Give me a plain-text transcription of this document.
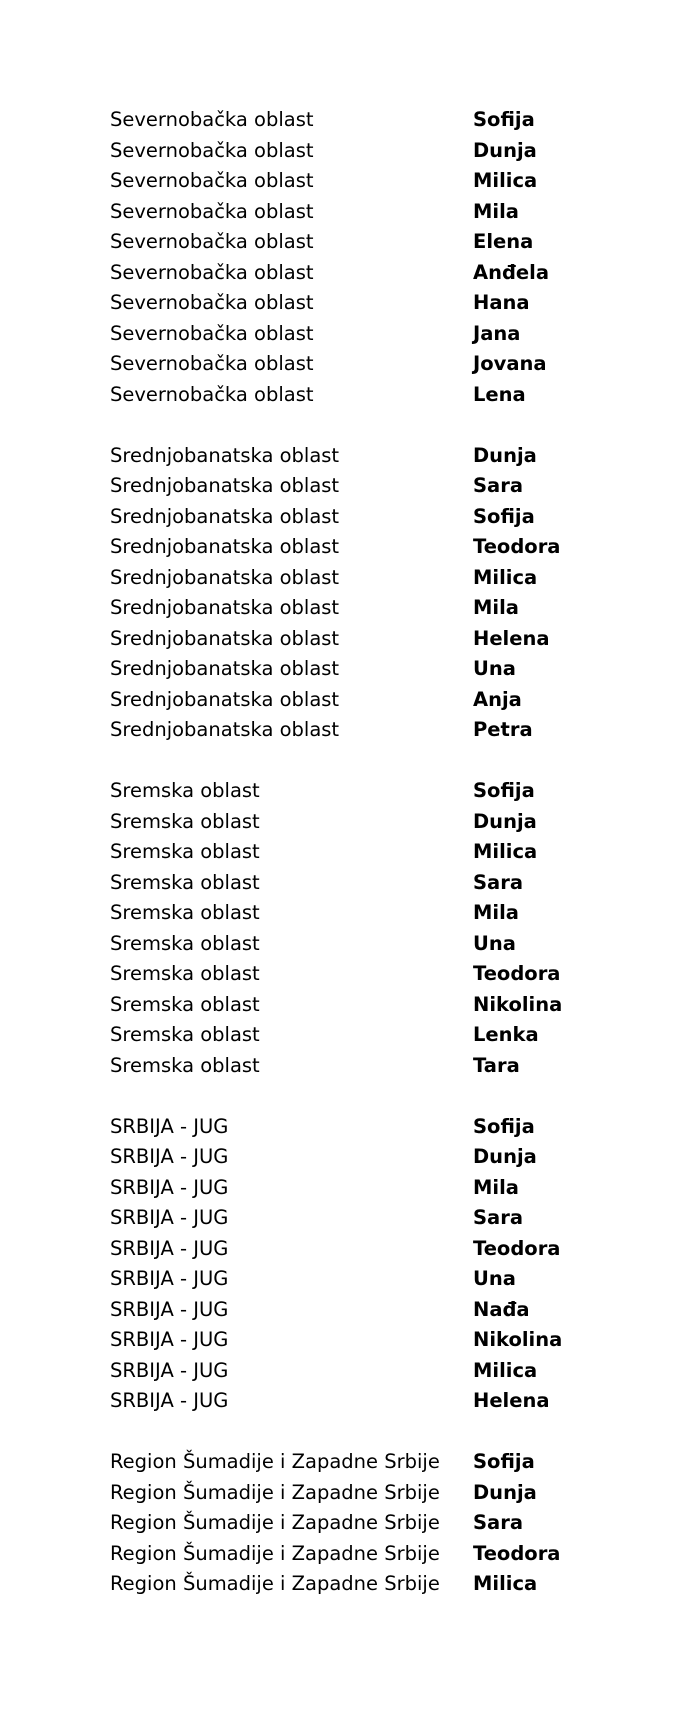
Severnobačka oblast	Sofija
Severnobačka oblast	Dunja
Severnobačka oblast	Milica
Severnobačka oblast	Mila
Severnobačka oblast	Elena
Severnobačka oblast	Anđela
Severnobačka oblast	Hana
Severnobačka oblast	Jana
Severnobačka oblast	Jovana
Severnobačka oblast	Lena
Srednjobanatska oblast	Dunja
Srednjobanatska oblast	Sara
Srednjobanatska oblast	Sofija
Srednjobanatska oblast	Teodora
Srednjobanatska oblast	Milica
Srednjobanatska oblast	Mila
Srednjobanatska oblast	Helena
Srednjobanatska oblast	Una
Srednjobanatska oblast	Anja
Srednjobanatska oblast	Petra
Sremska oblast	Sofija
Sremska oblast	Dunja
Sremska oblast	Milica
Sremska oblast	Sara
Sremska oblast	Mila
Sremska oblast	Una
Sremska oblast	Teodora
Sremska oblast	Nikolina
Sremska oblast	Lenka
Sremska oblast	Tara
SRBIJA - JUG	Sofija
SRBIJA - JUG	Dunja
SRBIJA - JUG	Mila
SRBIJA - JUG	Sara
SRBIJA - JUG	Teodora
SRBIJA - JUG	Una
SRBIJA - JUG	Nađa
SRBIJA - JUG	Nikolina
SRBIJA - JUG	Milica
SRBIJA - JUG	Helena
Region Šumadije i Zapadne Srbije	Sofija
Region Šumadije i Zapadne Srbije	Dunja
Region Šumadije i Zapadne Srbije	Sara
Region Šumadije i Zapadne Srbije	Teodora
Region Šumadije i Zapadne Srbije	Milica
